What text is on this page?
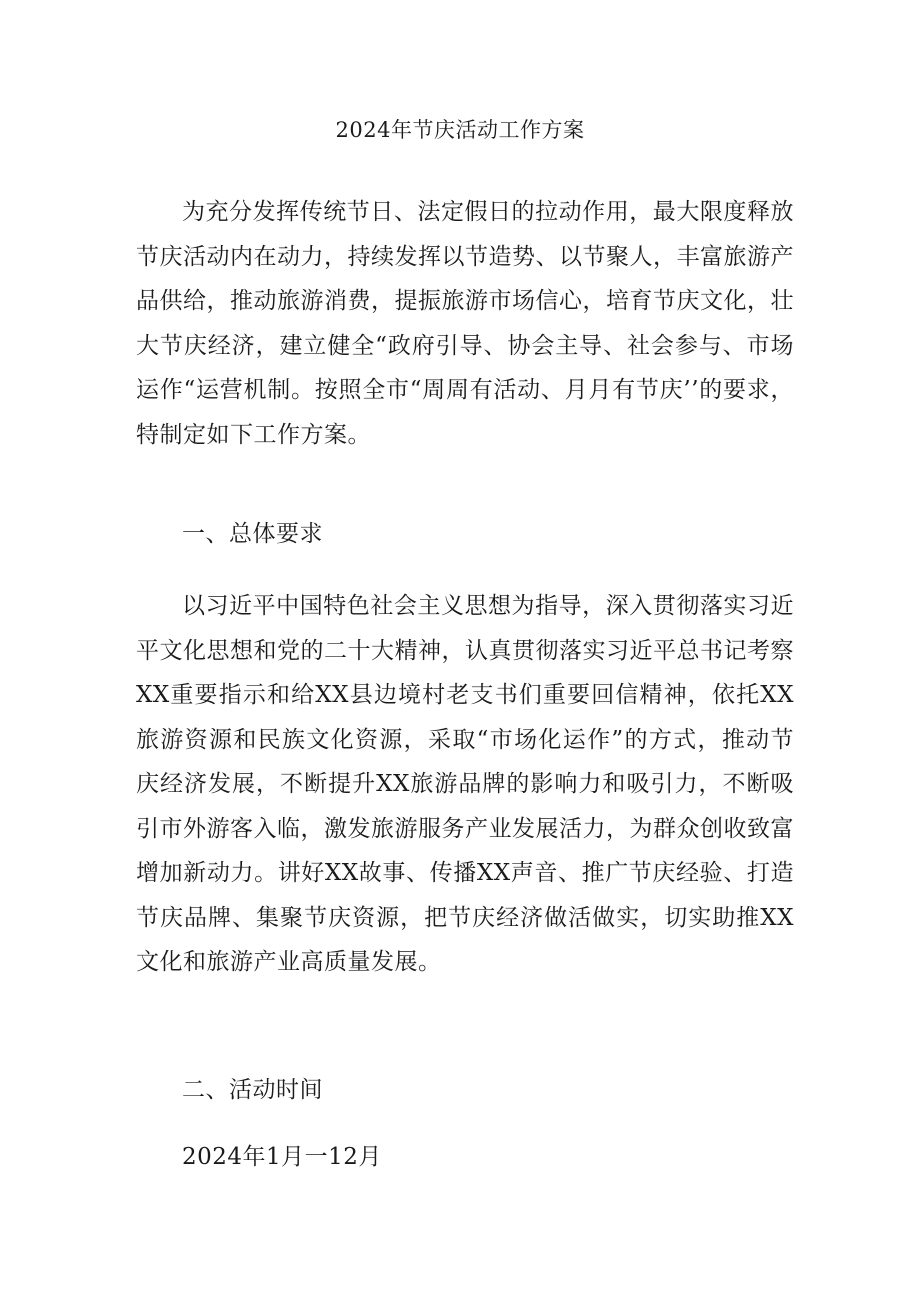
2024年节庆活动工作方案

为充分发挥传统节日、法定假日的拉动作用，最大限度释放节庆活动内在动力，持续发挥以节造势、以节聚人，丰富旅游产品供给，推动旅游消费，提振旅游市场信心，培育节庆文化，壮大节庆经济，建立健全“政府引导、协会主导、社会参与、市场运作“运营机制。按照全市“周周有活动、月月有节庆’’的要求，特制定如下工作方案。

一、总体要求

以习近平中国特色社会主义思想为指导，深入贯彻落实习近平文化思想和党的二十大精神，认真贯彻落实习近平总书记考察XX重要指示和给XX县边境村老支书们重要回信精神，依托XX旅游资源和民族文化资源，采取“市场化运作”的方式，推动节庆经济发展，不断提升XX旅游品牌的影响力和吸引力，不断吸引市外游客入临，激发旅游服务产业发展活力，为群众创收致富增加新动力。讲好XX故事、传播XX声音、推广节庆经验、打造节庆品牌、集聚节庆资源，把节庆经济做活做实，切实助推XX文化和旅游产业高质量发展。

二、活动时间
2024年1月一12月
